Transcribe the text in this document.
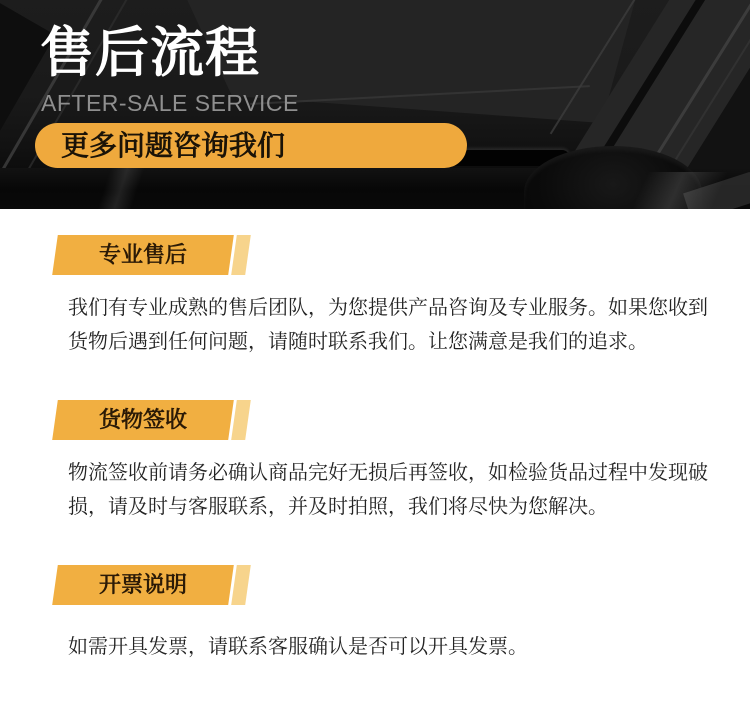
售后流程
AFTER-SALE SERVICE
更多问题咨询我们
专业售后
我们有专业成熟的售后团队，为您提供产品咨询及专业服务。如果您收到
货物后遇到任何问题，请随时联系我们。让您满意是我们的追求。
货物签收
物流签收前请务必确认商品完好无损后再签收，如检验货品过程中发现破
损，请及时与客服联系，并及时拍照，我们将尽快为您解决。
开票说明
如需开具发票，请联系客服确认是否可以开具发票。
